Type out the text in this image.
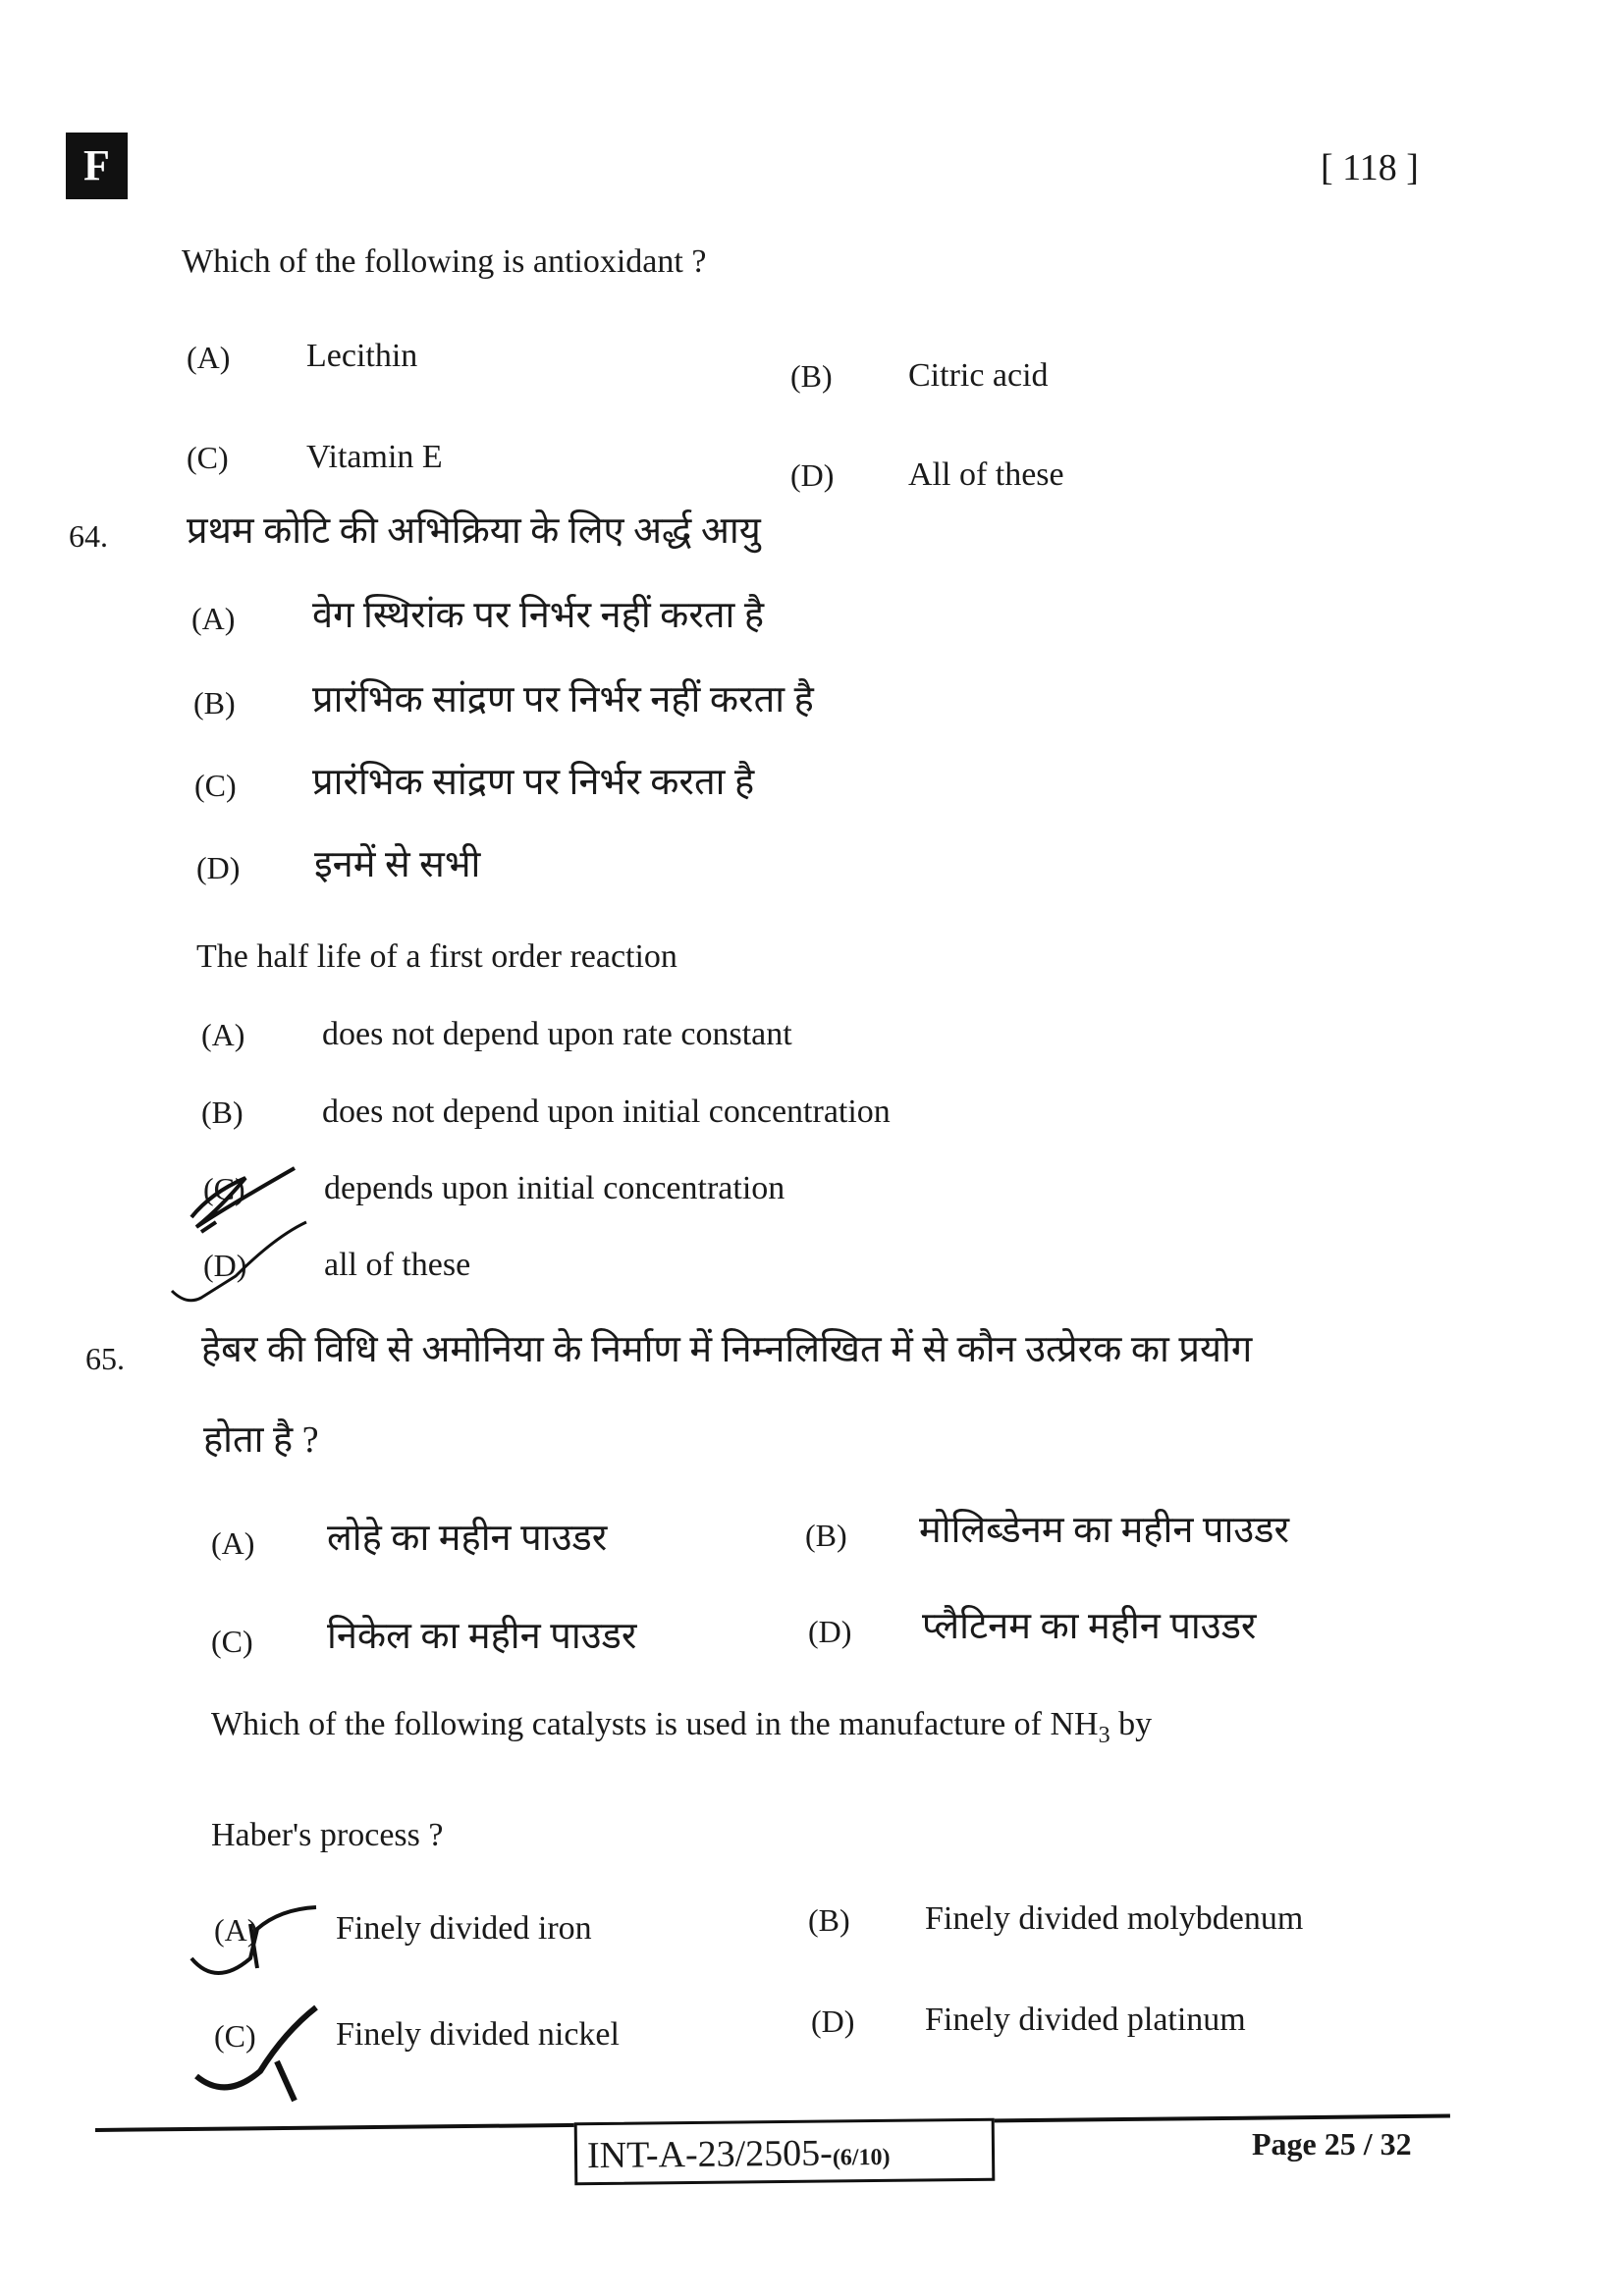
F	[ 118 ]
Which of the following is antioxidant ?
(A) Lecithin
(B) Citric acid
(C) Vitamin E	(D) All of these
64. प्रथम कोटि की अभिक्रिया के लिए अर्द्ध आयु
(A) वेग स्थिरांक पर निर्भर नहीं करता है
(B) प्रारंभिक सांद्रण पर निर्भर नहीं करता है
(C) प्रारंभिक सांद्रण पर निर्भर करता है
(D) इनमें से सभी
The half life of a first order reaction
(A) does not depend upon rate constant
(B) does not depend upon initial concentration
(C) depends upon initial concentration
(D) all of these
65. हेबर की विधि से अमोनिया के निर्माण में निम्नलिखित में से कौन उत्प्रेरक का प्रयोग
होता है ?
(A) लोहे का महीन पाउडर	(B) मोलिब्डेनम का महीन पाउडर
(C) निकेल का महीन पाउडर	(D) प्लैटिनम का महीन पाउडर
Which of the following catalysts is used in the manufacture of $NH_3$ by
Haber's process ?
(A) Finely divided iron	(B) Finely divided molybdenum
(C) Finely divided nickel	(D) Finely divided platinum
INT-A-23/2505-(6/10)	Page 25 / 32
